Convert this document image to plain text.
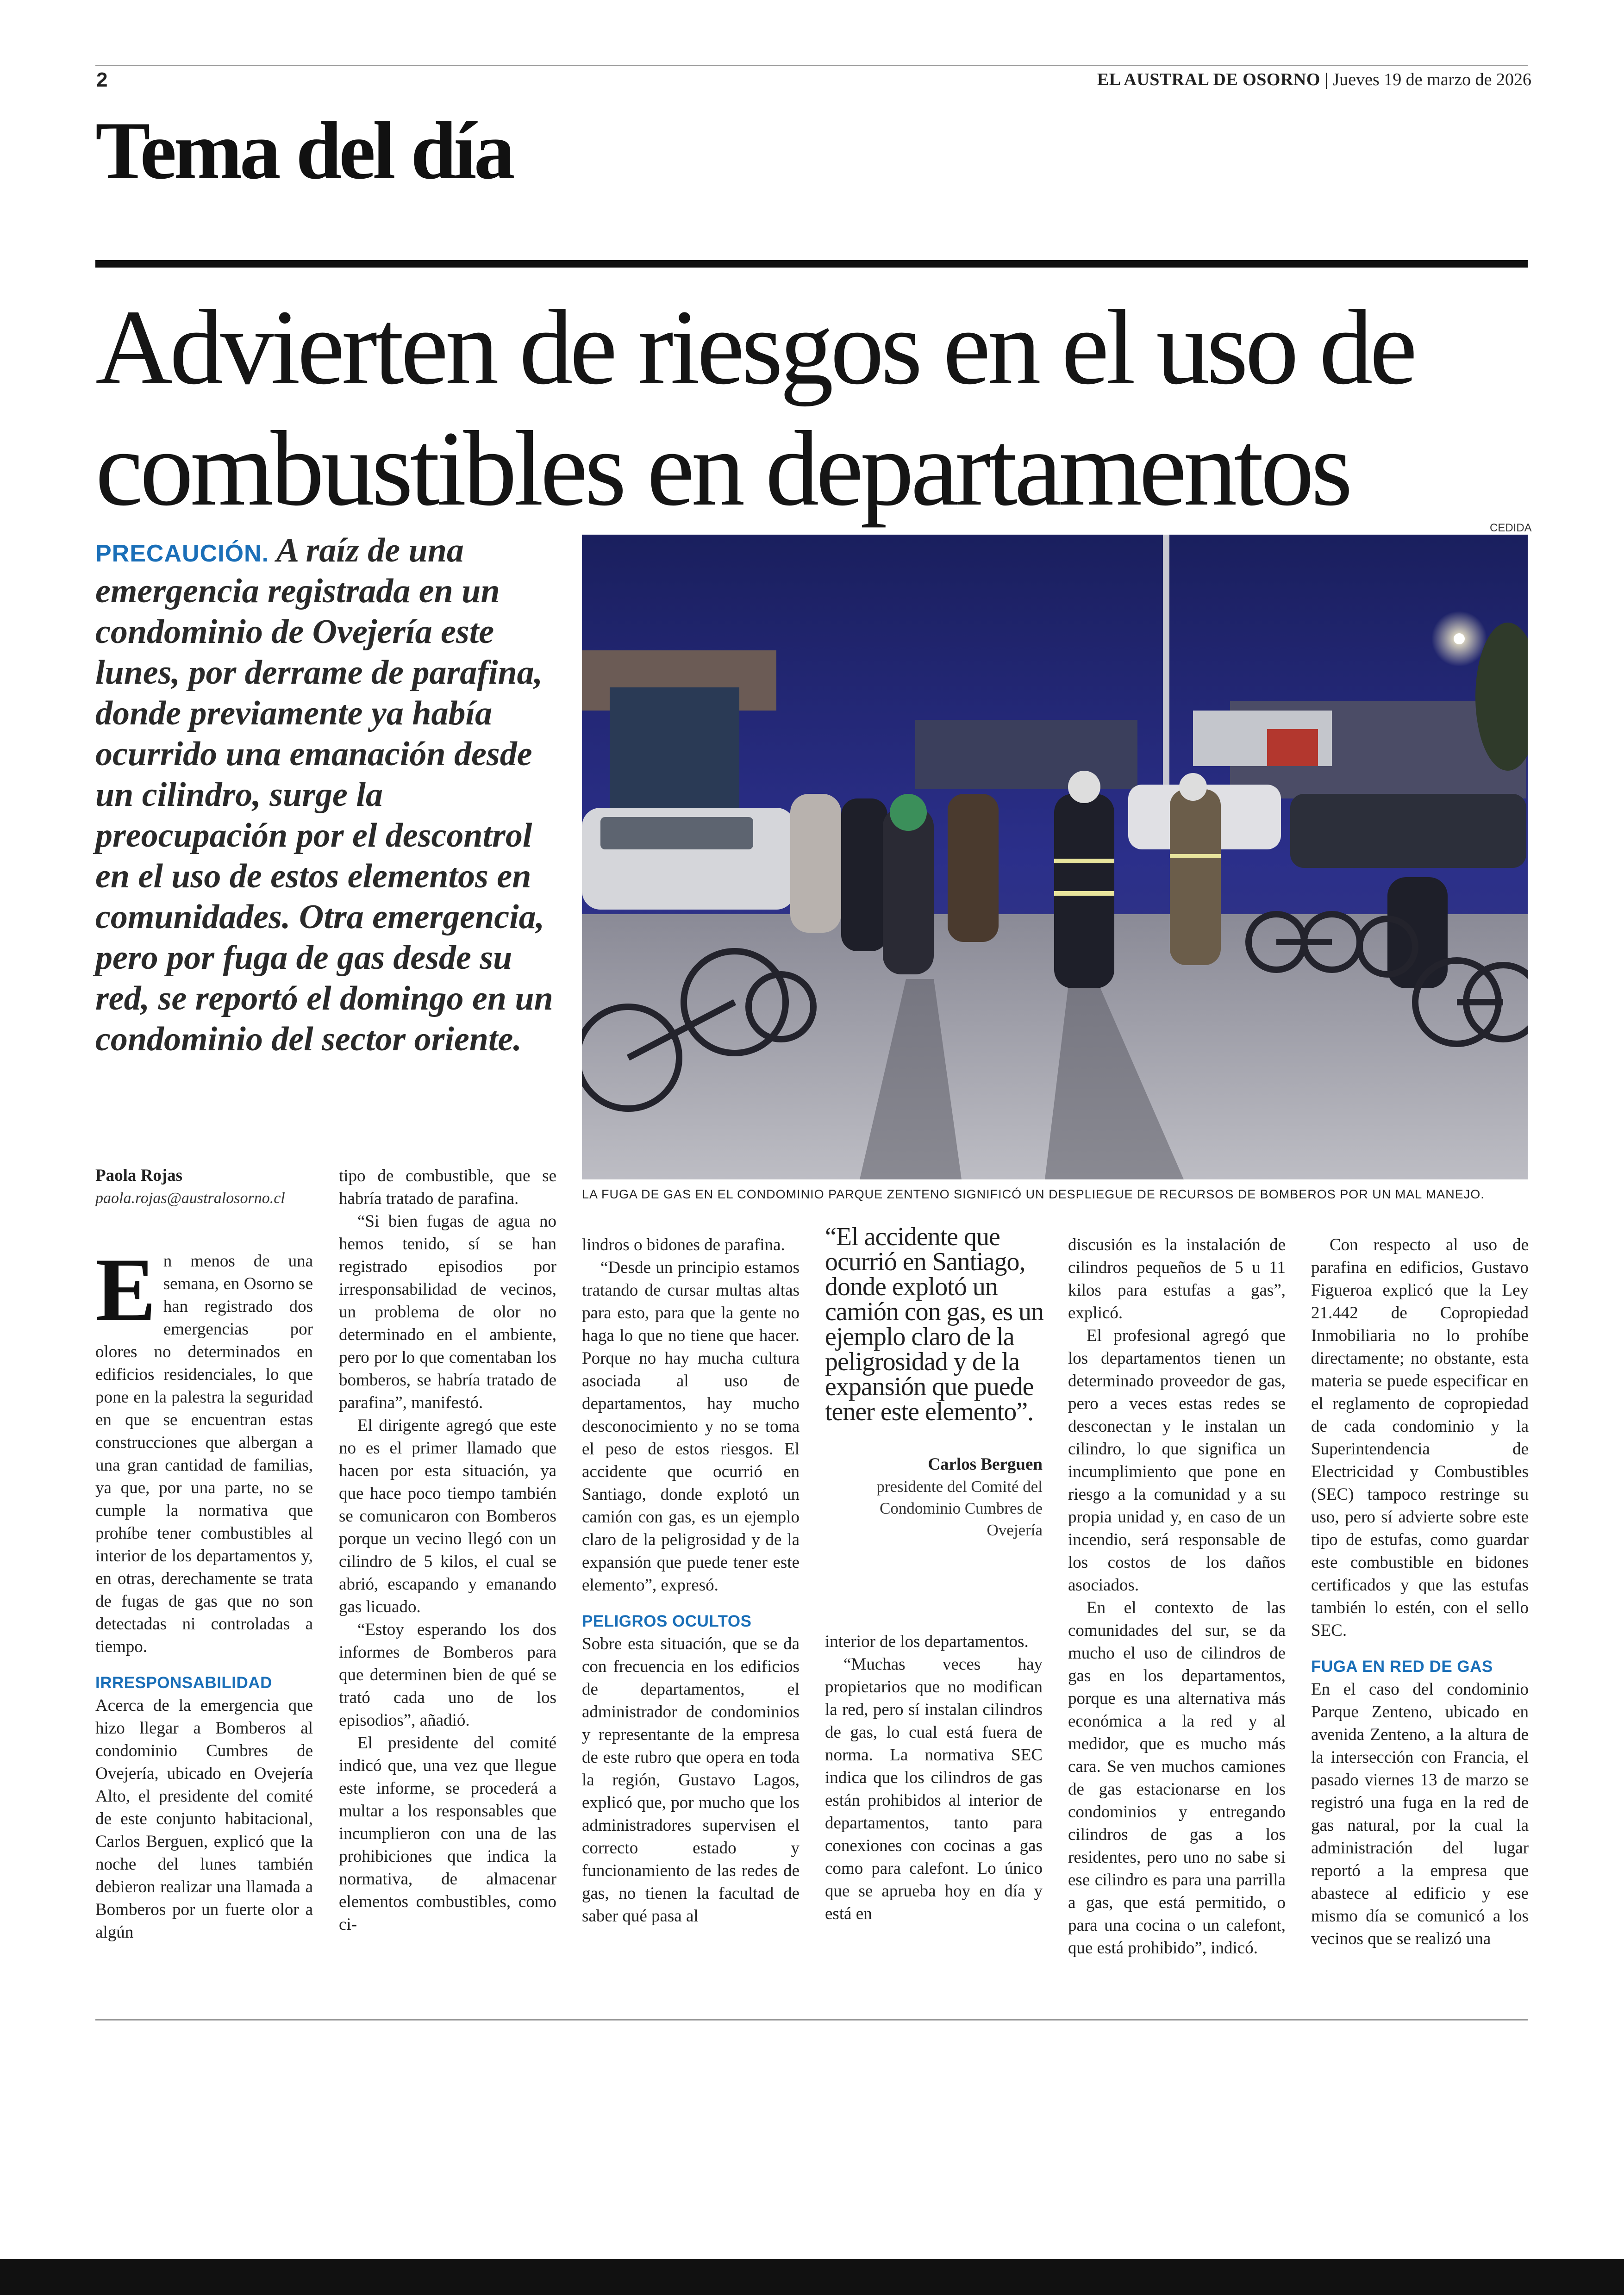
2	EL AUSTRAL DE OSORNO | Jueves 19 de marzo de 2026
Tema del día
Advierten de riesgos en el uso de combustibles en departamentos
PRECAUCIÓN. A raíz de una emergencia registrada en un condominio de Ovejería este lunes, por derrame de parafina, donde previamente ya había ocurrido una emanación desde un cilindro, surge la preocupación por el descontrol en el uso de estos elementos en comunidades. Otra emergencia, pero por fuga de gas desde su red, se reportó el domingo en un condominio del sector oriente.
CEDIDA
LA FUGA DE GAS EN EL CONDOMINIO PARQUE ZENTENO SIGNIFICÓ UN DESPLIEGUE DE RECURSOS DE BOMBEROS POR UN MAL MANEJO.
Paola Rojas
paola.rojas@australosorno.cl

En menos de una semana, en Osorno se han registrado dos emergencias por olores no determinados en edificios residenciales, lo que pone en la palestra la seguridad en que se encuentran estas construcciones que albergan a una gran cantidad de familias, ya que, por una parte, no se cumple la normativa que prohíbe tener combustibles al interior de los departamentos y, en otras, derechamente se trata de fugas de gas que no son detectadas ni controladas a tiempo.

IRRESPONSABILIDAD

Acerca de la emergencia que hizo llegar a Bomberos al condominio Cumbres de Ovejería, ubicado en Ovejería Alto, el presidente del comité de este conjunto habitacional, Carlos Berguen, explicó que la noche del lunes también debieron realizar una llamada a Bomberos por un fuerte olor a algún

tipo de combustible, que se habría tratado de parafina.

“Si bien fugas de agua no hemos tenido, sí se han registrado episodios por irresponsabilidad de vecinos, un problema de olor no determinado en el ambiente, pero por lo que comentaban los bomberos, se habría tratado de parafina”, manifestó.

El dirigente agregó que este no es el primer llamado que hacen por esta situación, ya que hace poco tiempo también se comunicaron con Bomberos porque un vecino llegó con un cilindro de 5 kilos, el cual se abrió, escapando y emanando gas licuado.

“Estoy esperando los dos informes de Bomberos para que determinen bien de qué se trató cada uno de los episodios”, añadió.

El presidente del comité indicó que, una vez que llegue este informe, se procederá a multar a los responsables que incumplieron con una de las prohibiciones que indica la normativa, de almacenar elementos combustibles, como ci-

lindros o bidones de parafina.

“Desde un principio estamos tratando de cursar multas altas para esto, para que la gente no haga lo que no tiene que hacer. Porque no hay mucha cultura asociada al uso de departamentos, hay mucho desconocimiento y no se toma el peso de estos riesgos. El accidente que ocurrió en Santiago, donde explotó un camión con gas, es un ejemplo claro de la peligrosidad y de la expansión que puede tener este elemento”, expresó.

PELIGROS OCULTOS

Sobre esta situación, que se da con frecuencia en los edificios de departamentos, el administrador de condominios y representante de la empresa de este rubro que opera en toda la región, Gustavo Lagos, explicó que, por mucho que los administradores supervisen el correcto estado y funcionamiento de las redes de gas, no tienen la facultad de saber qué pasa al

“El accidente que ocurrió en Santiago, donde explotó un camión con gas, es un ejemplo claro de la peligrosidad y de la expansión que puede tener este elemento”.
Carlos Berguen
presidente del Comité del Condominio Cumbres de Ovejería

interior de los departamentos.

“Muchas veces hay propietarios que no modifican la red, pero sí instalan cilindros de gas, lo cual está fuera de norma. La normativa SEC indica que los cilindros de gas están prohibidos al interior de departamentos, tanto para conexiones con cocinas a gas como para calefont. Lo único que se aprueba hoy en día y está en

discusión es la instalación de cilindros pequeños de 5 u 11 kilos para estufas a gas”, explicó.

El profesional agregó que los departamentos tienen un determinado proveedor de gas, pero a veces estas redes se desconectan y le instalan un cilindro, lo que significa un incumplimiento que pone en riesgo a la comunidad y a su propia unidad y, en caso de un incendio, será responsable de los costos de los daños asociados.

En el contexto de las comunidades del sur, se da mucho el uso de cilindros de gas en los departamentos, porque es una alternativa más económica a la red y al medidor, que es mucho más cara. Se ven muchos camiones de gas estacionarse en los condominios y entregando cilindros de gas a los residentes, pero uno no sabe si ese cilindro es para una parrilla a gas, que está permitido, o para una cocina o un calefont, que está prohibido”, indicó.

Con respecto al uso de parafina en edificios, Gustavo Figueroa explicó que la Ley 21.442 de Copropiedad Inmobiliaria no lo prohíbe directamente; no obstante, esta materia se puede especificar en el reglamento de copropiedad de cada condominio y la Superintendencia de Electricidad y Combustibles (SEC) tampoco restringe su uso, pero sí advierte sobre este tipo de estufas, como guardar este combustible en bidones certificados y que las estufas también lo estén, con el sello SEC.

FUGA EN RED DE GAS

En el caso del condominio Parque Zenteno, ubicado en avenida Zenteno, a la altura de la intersección con Francia, el pasado viernes 13 de marzo se registró una fuga en la red de gas natural, por la cual la administración del lugar reportó a la empresa que abastece al edificio y ese mismo día se comunicó a los vecinos que se realizó una
